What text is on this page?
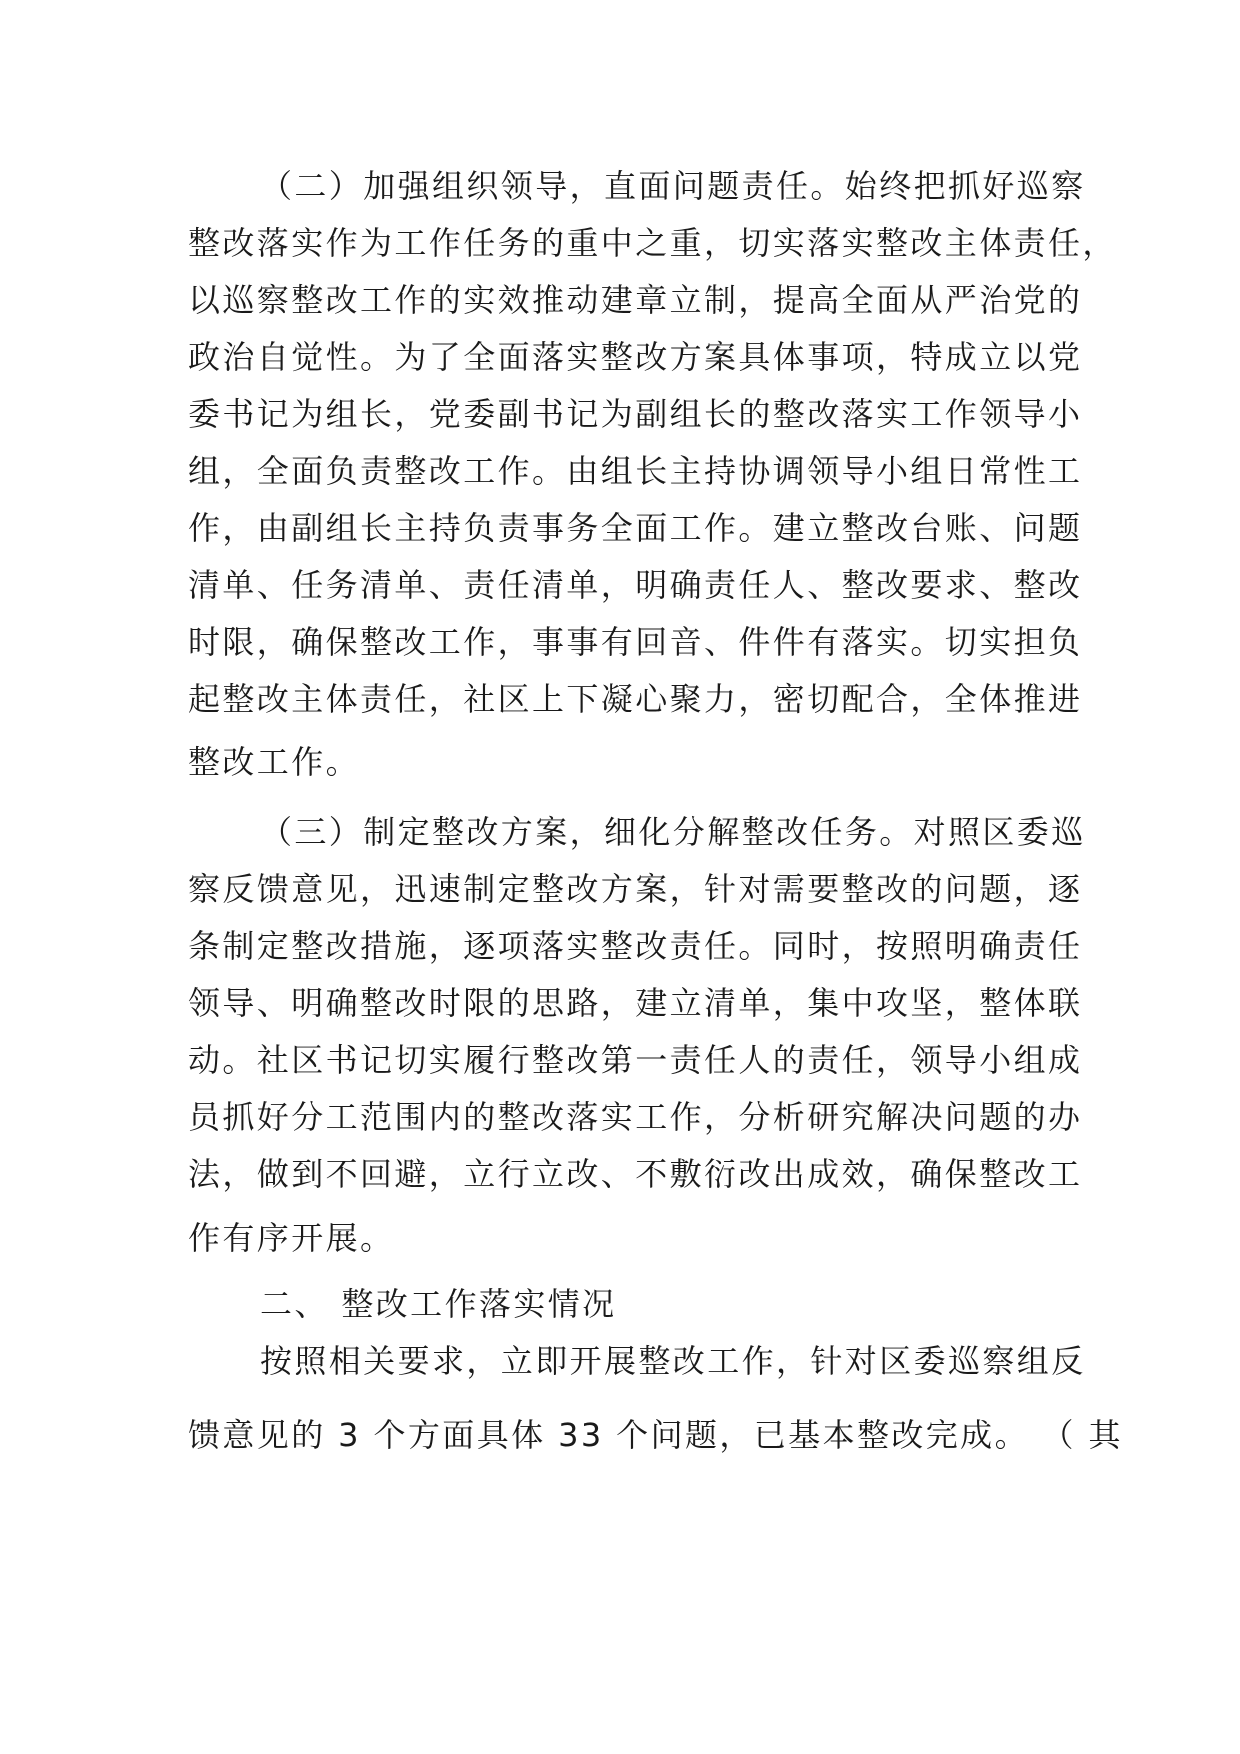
（二）加强组织领导，直面问题责任。始终把抓好巡察

整改落实作为工作任务的重中之重，切实落实整改主体责任，

以巡察整改工作的实效推动建章立制，提高全面从严治党的

政治自觉性。为了全面落实整改方案具体事项，特成立以党

委书记为组长，党委副书记为副组长的整改落实工作领导小

组，全面负责整改工作。由组长主持协调领导小组日常性工

作，由副组长主持负责事务全面工作。建立整改台账、问题

清单、任务清单、责任清单，明确责任人、整改要求、整改

时限，确保整改工作，事事有回音、件件有落实。切实担负

起整改主体责任，社区上下凝心聚力，密切配合，全体推进

整改工作。

（三）制定整改方案，细化分解整改任务。对照区委巡

察反馈意见，迅速制定整改方案，针对需要整改的问题，逐

条制定整改措施，逐项落实整改责任。同时，按照明确责任

领导、明确整改时限的思路，建立清单，集中攻坚，整体联

动。社区书记切实履行整改第一责任人的责任，领导小组成

员抓好分工范围内的整改落实工作，分析研究解决问题的办

法，做到不回避，立行立改、不敷衍改出成效，确保整改工

作有序开展。

二、 整改工作落实情况

按照相关要求，立即开展整改工作，针对区委巡察组反

馈意见的 3 个方面具体 33 个问题，已基本整改完成。 （ 其
